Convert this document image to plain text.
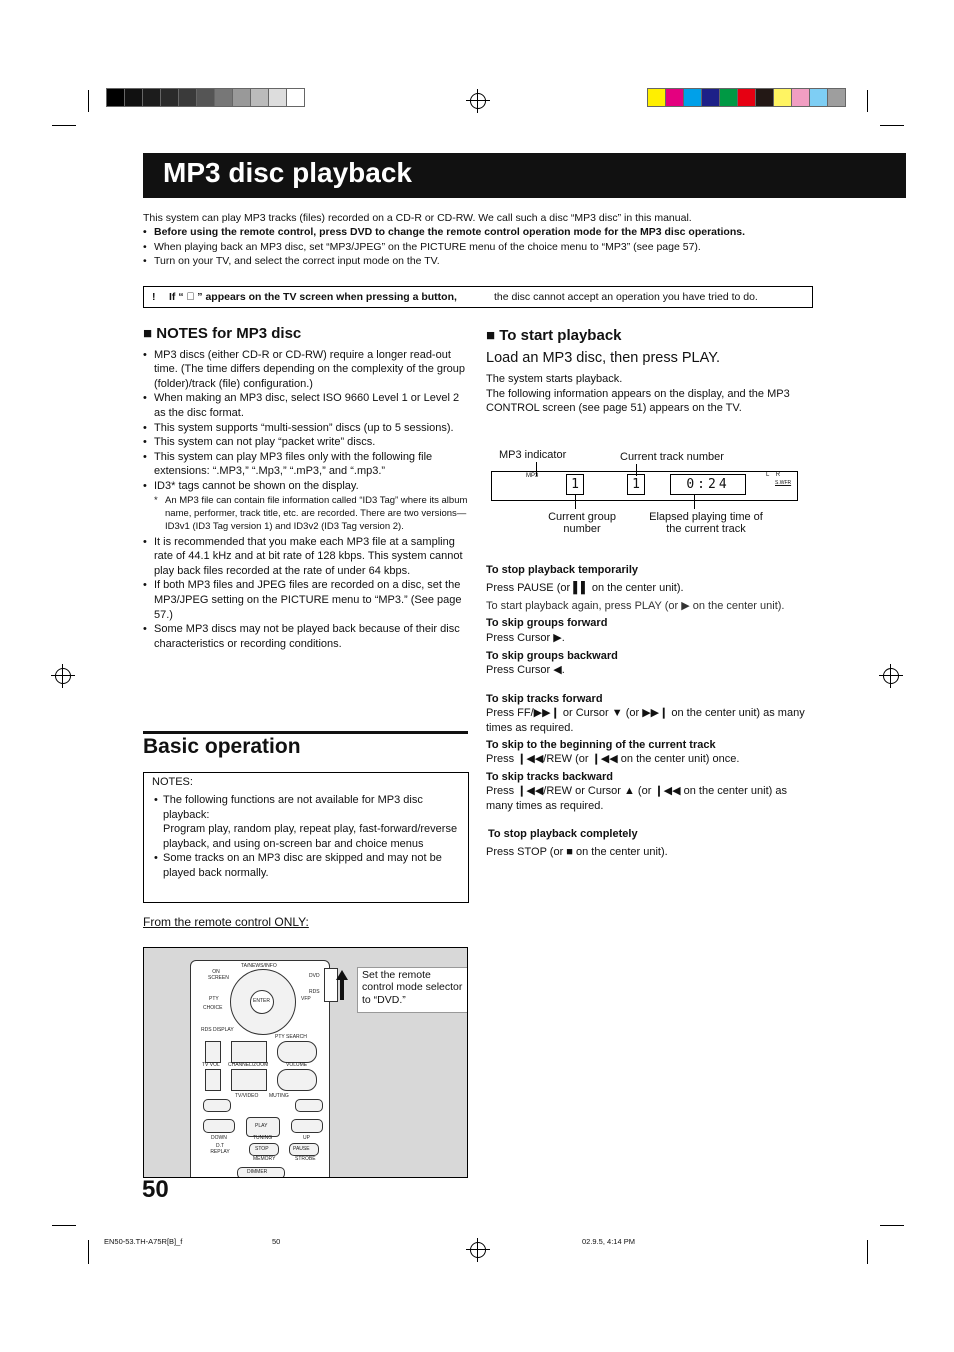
MP3 disc playback

This system can play MP3 tracks (files) recorded on a CD-R or CD-RW. We call such a disc “MP3 disc” in this manual.

• Before using the remote control, press DVD to change the remote control operation mode for the MP3 disc operations.
• When playing back an MP3 disc, set “MP3/JPEG” on the PICTURE menu of the choice menu to “MP3” (see page 57).
• Turn on your TV, and select the correct input mode on the TV.
! If “ ⃠ ” appears on the TV screen when pressing a button,	the disc cannot accept an operation you have tried to do.
■ NOTES for MP3 disc
• MP3 discs (either CD-R or CD-RW) require a longer read-out time. (The time differs depending on the complexity of the group (folder)/track (file) configuration.)
• When making an MP3 disc, select ISO 9660 Level 1 or Level 2 as the disc format.
• This system supports “multi-session” discs (up to 5 sessions).
• This system can not play “packet write” discs.
• This system can play MP3 files only with the following file extensions: “.MP3,” “.Mp3,” “.mP3,” and “.mp3.”
• ID3* tags cannot be shown on the display.
* An MP3 file can contain file information called “ID3 Tag” where its album name, performer, track title, etc. are recorded. There are two versions—ID3v1 (ID3 Tag version 1) and ID3v2 (ID3 Tag version 2).
• It is recommended that you make each MP3 file at a sampling rate of 44.1 kHz and at bit rate of 128 kbps. This system cannot play back files recorded at the rate of under 64 kbps.
• If both MP3 files and JPEG files are recorded on a disc, set the MP3/JPEG setting on the PICTURE menu to “MP3.” (See page 57.)
• Some MP3 discs may not be played back because of their disc characteristics or recording conditions.
Basic operation
NOTES:
• The following functions are not available for MP3 disc playback:
Program play, random play, repeat play, fast-forward/reverse playback, and using on-screen bar and choice menus
• Some tracks on an MP3 disc are skipped and may not be played back normally.
From the remote control ONLY:
TA/NEWS/INFO
ON SCREEN
ENTER
PTY	VFP
CHOICE
RDS DISPLAY
PTY SEARCH
TV VOL CHANNEL/ZOOM	VOLUME
TV/VIDEO MUTING
PLAY
DOWN	TUNING	UP
D.T REPLAY	STOP	PAUSE
MEMORY	STROBE
DIMMER
DVD
RDS
Set the remote control mode selector to “DVD.”
■ To start playback
Load an MP3 disc, then press PLAY.

The system starts playback.

The following information appears on the display, and the MP3 CONTROL screen (see page 51) appears on the TV.

MP3 indicator	Current track number
MP3
1	1	0:24
L    R
S.WFR
Current group number
Elapsed playing time of the current track

To stop playback temporarily

Press PAUSE (or ▌▌ on the center unit).

To start playback again, press PLAY (or ▶ on the center unit).

To skip groups forward

Press Cursor ▶.

To skip groups backward

Press Cursor ◀.

To skip tracks forward

Press FF/▶▶❙ or Cursor ▼ (or ▶▶❙ on the center unit) as many times as required.

To skip to the beginning of the current track

Press ❙◀◀/REW (or ❙◀◀ on the center unit) once.

To skip tracks backward

Press ❙◀◀/REW or Cursor ▲ (or ❙◀◀ on the center unit) as many times as required.

To stop playback completely

Press STOP (or ■ on the center unit).

50
EN50-53.TH-A75R[B]_f	50	02.9.5, 4:14 PM
